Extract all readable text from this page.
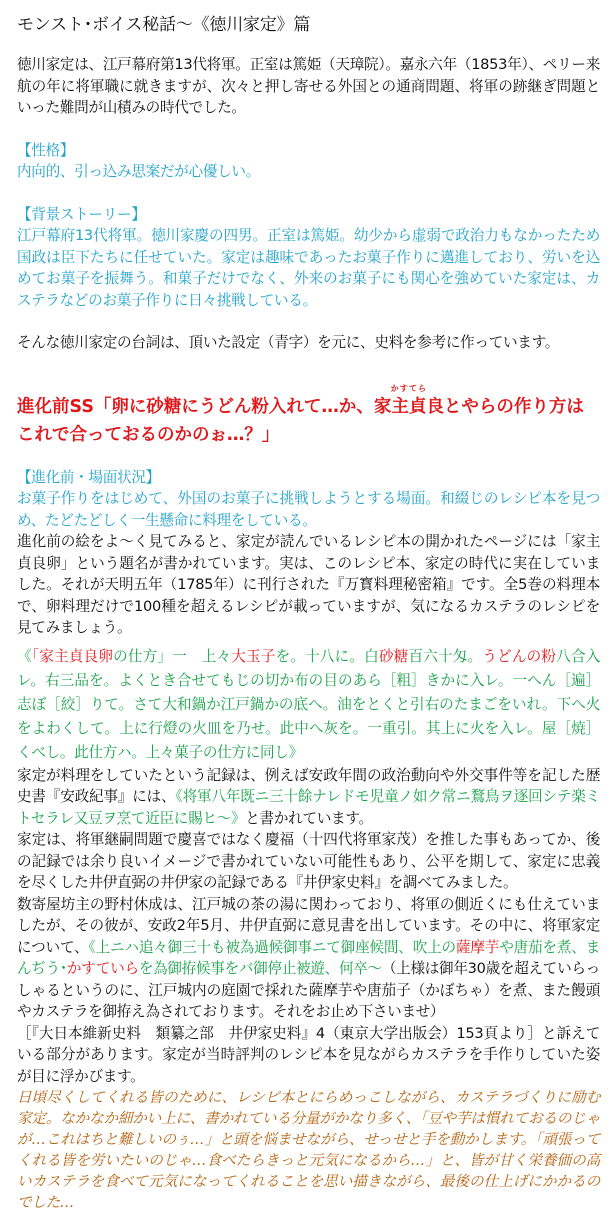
モンスト･ボイス秘話～《徳川家定》篇

徳川家定は、江戸幕府第13代将軍。正室は篤姫（天璋院）。嘉永六年（1853年）、ペリー来航の年に将軍職に就きますが、次々と押し寄せる外国との通商問題、将軍の跡継ぎ問題といった難問が山積みの時代でした。

【性格】

内向的、引っ込み思案だが心優しい。

【背景ストーリー】

江戸幕府13代将軍。徳川家慶の四男。正室は篤姫。幼少から虚弱で政治力もなかったため国政は臣下たちに任せていた。家定は趣味であったお菓子作りに邁進しており、労いを込めてお菓子を振舞う。和菓子だけでなく、外来のお菓子にも関心を強めていた家定は、カステラなどのお菓子作りに日々挑戦している。

そんな徳川家定の台詞は、頂いた設定（青字）を元に、史料を参考に作っています。

進化前SS「卵に砂糖にうどん粉入れて…か、
かすてら
家主貞良とやらの作り方は
これで合っておるのかのぉ…？」

【進化前・場面状況】

お菓子作りをはじめて、外国のお菓子に挑戦しようとする場面。和綴じのレシピ本を見つめ、たどたどしく一生懸命に料理をしている。

進化前の絵をよ～く見てみると、家定が読んでいるレシピ本の開かれたページには「家主貞良卵」という題名が書かれています。実は、このレシピ本、家定の時代に実在していました。それが天明五年（1785年）に刊行された『万寳料理秘密箱』です。全5巻の料理本で、卵料理だけで100種を超えるレシピが載っていますが、気になるカステラのレシピを見てみましょう。

《「家主貞良卵の仕方」一　上々大玉子を。十八に。白砂糖百六十匁。うどんの粉八合入レ。右三品を。よくとき合せてもじの切か布の目のあら［粗］きかに入レ。一へん［遍］志ぼ［絞］りて。さて大和鍋か江戸鍋かの底へ。油をとくと引右のたまごをいれ。下へ火をよわくして。上に行燈の火皿を乃せ。此中へ灰を。一重引。其上に火を入レ。屋［焼］くべし。此仕方ハ。上々菓子の仕方に同し》

家定が料理をしていたという記録は、例えば安政年間の政治動向や外交事件等を記した歴史書『安政紀事』には、《将軍八年既ニ三十餘ナレドモ児童ノ如ク常ニ鶩鳥ヲ逐回シテ楽ミトセラレ又豆ヲ烹て近臣に賜ヒ～》と書かれています。

家定は、将軍継嗣問題で慶喜ではなく慶福（十四代将軍家茂）を推した事もあってか、後の記録では余り良いイメージで書かれていない可能性もあり、公平を期して、家定に忠義を尽くした井伊直弼の井伊家の記録である『井伊家史料』を調べてみました。

数寄屋坊主の野村休成は、江戸城の茶の湯に関わっており、将軍の側近くにも仕えていましたが、その彼が、安政2年5月、井伊直弼に意見書を出しています。その中に、将軍家定について、《上ニハ追々御三十も被為過候御事ニて御座候間、吹上の薩摩芋や唐茄を煮、まんぢう･かすていらを為御拵候事をバ御停止被遊、何卒～（上様は御年30歳を超えていらっしゃるというのに、江戸城内の庭園で採れた薩摩芋や唐茄子（かぼちゃ）を煮、また饅頭やカステラを御拵え為されております。それをお止め下さいませ）
［『大日本維新史料　類纂之部　井伊家史料』4（東京大学出版会）153頁より］と訴えている部分があります。家定が当時評判のレシピ本を見ながらカステラを手作りしていた姿が目に浮かびます。

日頃尽くしてくれる皆のために、レシピ本とにらめっこしながら、カステラづくりに励む家定。なかなか細かい上に、書かれている分量がかなり多く、「豆や芋は慣れておるのじゃが…これはちと難しいのぅ…」と頭を悩ませながら、せっせと手を動かします。「頑張ってくれる皆を労いたいのじゃ…食べたらきっと元気になるから…」と、皆が甘く栄養価の高いカステラを食べて元気になってくれることを思い描きながら、最後の仕上げにかかるのでした…
